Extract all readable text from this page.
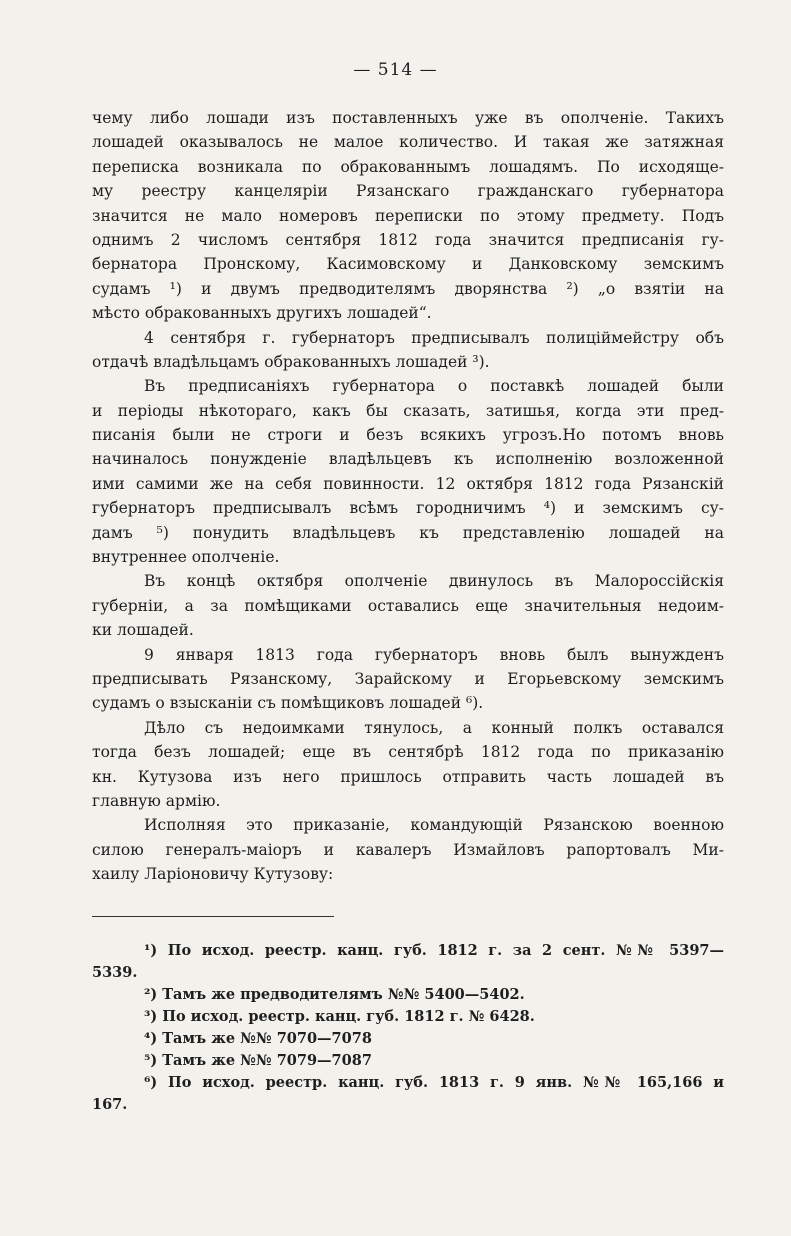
— 514 —
чему либо лошади изъ поставленныхъ уже въ ополченіе. Такихъ
лошадей оказывалось не малое количество. И такая же затяжная
переписка возникала по обракованнымъ лошадямъ. По исходяще-
му реестру канцеляріи Рязанскаго гражданскаго губернатора
значится не мало номеровъ переписки по этому предмету. Подъ
однимъ 2 числомъ сентября 1812 года значится предписанія гу-
бернатора Пронскому, Касимовскому и Данковскому земскимъ
судамъ ¹) и двумъ предводителямъ дворянства ²) „о взятіи на
мѣсто обракованныхъ другихъ лошадей“.
4 сентября г. губернаторъ предписывалъ полиціймейстру объ
отдачѣ владѣльцамъ обракованныхъ лошадей ³).
Въ предписаніяхъ губернатора о поставкѣ лошадей были
и періоды нѣкотораго, какъ бы сказать, затишья, когда эти пред-
писанія были не строги и безъ всякихъ угрозъ.Но потомъ вновь
начиналось понужденіе владѣльцевъ къ исполненію возложенной
ими самими же на себя повинности. 12 октября 1812 года Рязанскій
губернаторъ предписывалъ всѣмъ городничимъ ⁴) и земскимъ су-
дамъ ⁵) понудить владѣльцевъ къ представленію лошадей на
внутреннее ополченіе.
Въ концѣ октября ополченіе двинулось въ Малороссійскія
губерніи, а за помѣщиками оставались еще значительныя недоим-
ки лошадей.
9 января 1813 года губернаторъ вновь былъ вынужденъ
предписывать Рязанскому, Зарайскому и Егорьевскому земскимъ
судамъ о взысканіи съ помѣщиковъ лошадей ⁶).
Дѣло съ недоимками тянулось, а конный полкъ оставался
тогда безъ лошадей; еще въ сентябрѣ 1812 года по приказанію
кн. Кутузова изъ него пришлось отправить часть лошадей въ
главную армію.
Исполняя это приказаніе, командующій Рязанскою военною
силою генералъ-маіоръ и кавалеръ Измайловъ рапортовалъ Ми-
хаилу Ларіоновичу Кутузову:
¹) По исход. реестр. канц. губ. 1812 г. за 2 сент. №№ 5397—
5339.
²) Тамъ же предводителямъ №№ 5400—5402.
³) По исход. реестр. канц. губ. 1812 г. № 6428.
⁴) Тамъ же №№ 7070—7078
⁵) Тамъ же №№ 7079—7087
⁶) По исход. реестр. канц. губ. 1813 г. 9 янв. №№ 165,166 и
167.
